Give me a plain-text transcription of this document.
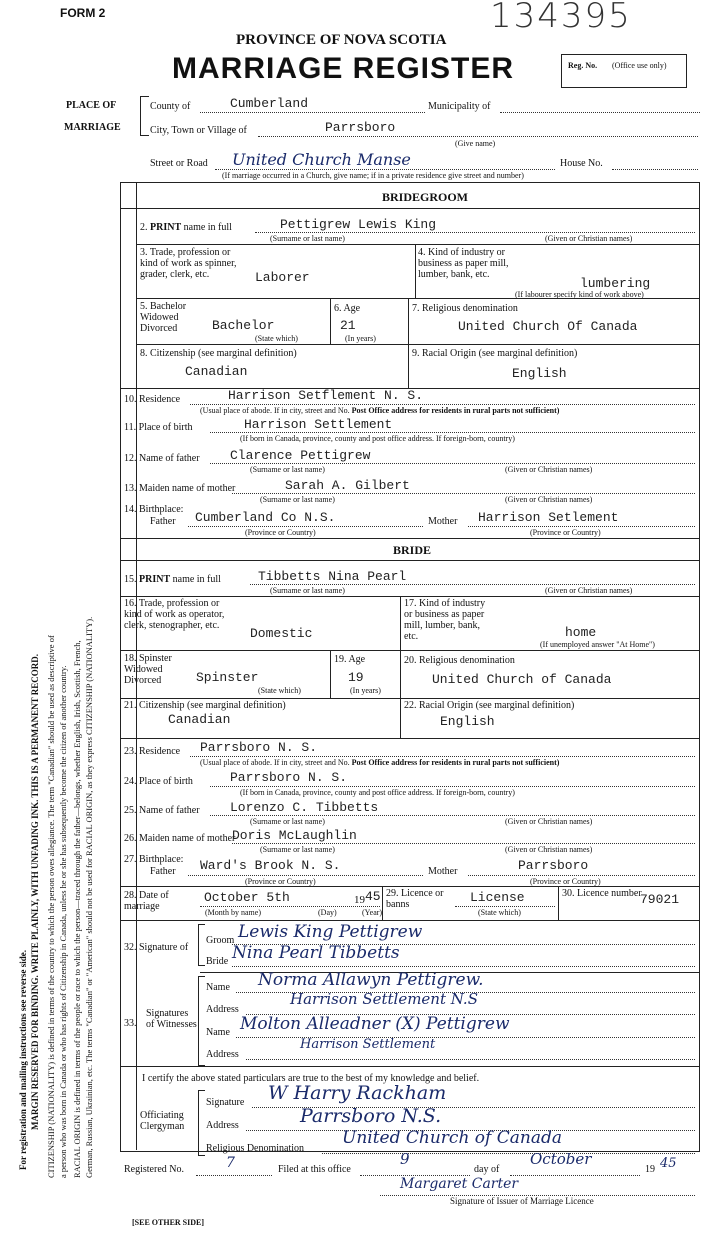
FORM 2	134395
PROVINCE OF NOVA SCOTIA
MARRIAGE REGISTER	Reg. No. (Office use only)
PLACE OF
MARRIAGE
County of	Cumberland	Municipality of
City, Town or Village of	Parrsboro
(Give name)
Street or Road United Church Manse	House No.
(If marriage occurred in a Church, give name; if in a private residence give street and number)
For registration and mailing instructions see reverse side. MARGIN RESERVED FOR BINDING. WRITE PLAINLY, WITH UNFADING INK. THIS IS A PERMANENT RECORD. CITIZENSHIP (NATIONALITY) is defined in terms of the country to which the person owes allegiance. The term "Canadian" should be used as descriptive of a person who was born in Canada or who has rights of Citizenship in Canada, unless he or she has subsequently become the citizen of another country. RACIAL ORIGIN is defined in terms of the people or race to which the person—traced through the father—belongs, whether English, Irish, Scottish, French, German, Russian, Ukrainian, etc. The terms "Canadian" or "American" should not be used for RACIAL ORIGIN, as they express CITIZENSHIP (NATIONALITY).
BRIDEGROOM
2. PRINT name in full	Pettigrew Lewis King
(Surname or last name)	(Given or Christian names)
3. Trade, profession or kind of work as spinner, grader, clerk, etc.	Laborer
4. Kind of industry or business as paper mill, lumber, bank, etc.
lumbering
(If labourer specify kind of work above)
5. Bachelor Widowed Divorced	Bachelor
(State which)
6. Age
21
(In years)
7. Religious denomination
United Church Of Canada
8. Citizenship (see marginal definition)
Canadian
9. Racial Origin (see marginal definition)
English
10. Residence	Harrison Setflement N. S.
(Usual place of abode. If in city, street and No. Post Office address for residents in rural parts not sufficient)
11. Place of birth	Harrison Settlement
(If born in Canada, province, county and post office address. If foreign-born, country)
12. Name of father Clarence Pettigrew
(Surname or last name)	(Given or Christian names)
13. Maiden name of mother	Sarah A. Gilbert
(Surname or last name)	(Given or Christian names)
14. Birthplace:
Father Cumberland Co N.S.
(Province or Country)
Mother Harrison Setlement
(Province or Country)
BRIDE
15. PRINT name in full	Tibbetts Nina Pearl
(Surname or last name)	(Given or Christian names)
16. Trade, profession or kind of work as operator, clerk, stenographer, etc.
Domestic
17. Kind of industry or business as paper mill, lumber, bank, etc.	home
(If unemployed answer "At Home")
18. Spinster Widowed Divorced	Spinster
(State which)
19. Age
19
(In years)
20. Religious denomination
United Church of Canada
21. Citizenship (see marginal definition)
Canadian
22. Racial Origin (see marginal definition)
English
23. Residence Parrsboro N. S.
(Usual place of abode. If in city, street and No. Post Office address for residents in rural parts not sufficient)
24. Place of birth	Parrsboro N. S.
(If born in Canada, province, county and post office address. If foreign-born, country)
25. Name of father Lorenzo C. Tibbetts
(Surname or last name)	(Given or Christian names)
26. Maiden name of mother
Doris McLaughlin
(Surname or last name)	(Given or Christian names)
27. Birthplace:
Father Ward's Brook N. S.
(Province or Country)
Mother	Parrsboro
(Province or Country)
28. Date of marriage
October 5th	19 45
(Month by name)	(Day)	(Year)
29. Licence or banns	License
(State which)
30. Licence number
79021
32. Signature of
Groom Lewis King Pettigrew
Bride Nina Pearl Tibbetts
33.
Signatures of Witnesses
Name Norma Allawyn Pettigrew.
Address
Harrison Settlement N.S
Name Molton Alleadner (X) Pettigrew
Address
Harrison Settlement
I certify the above stated particulars are true to the best of my knowledge and belief.
Officiating Clergyman
Signature W Harry Rackham
Address	Parrsboro N.S.
Religious Denomination
United Church of Canada
Registered No.	7	Filed at this office
9
day of
October
19 45
Margaret Carter
Signature of Issuer of Marriage Licence
[SEE OTHER SIDE]
